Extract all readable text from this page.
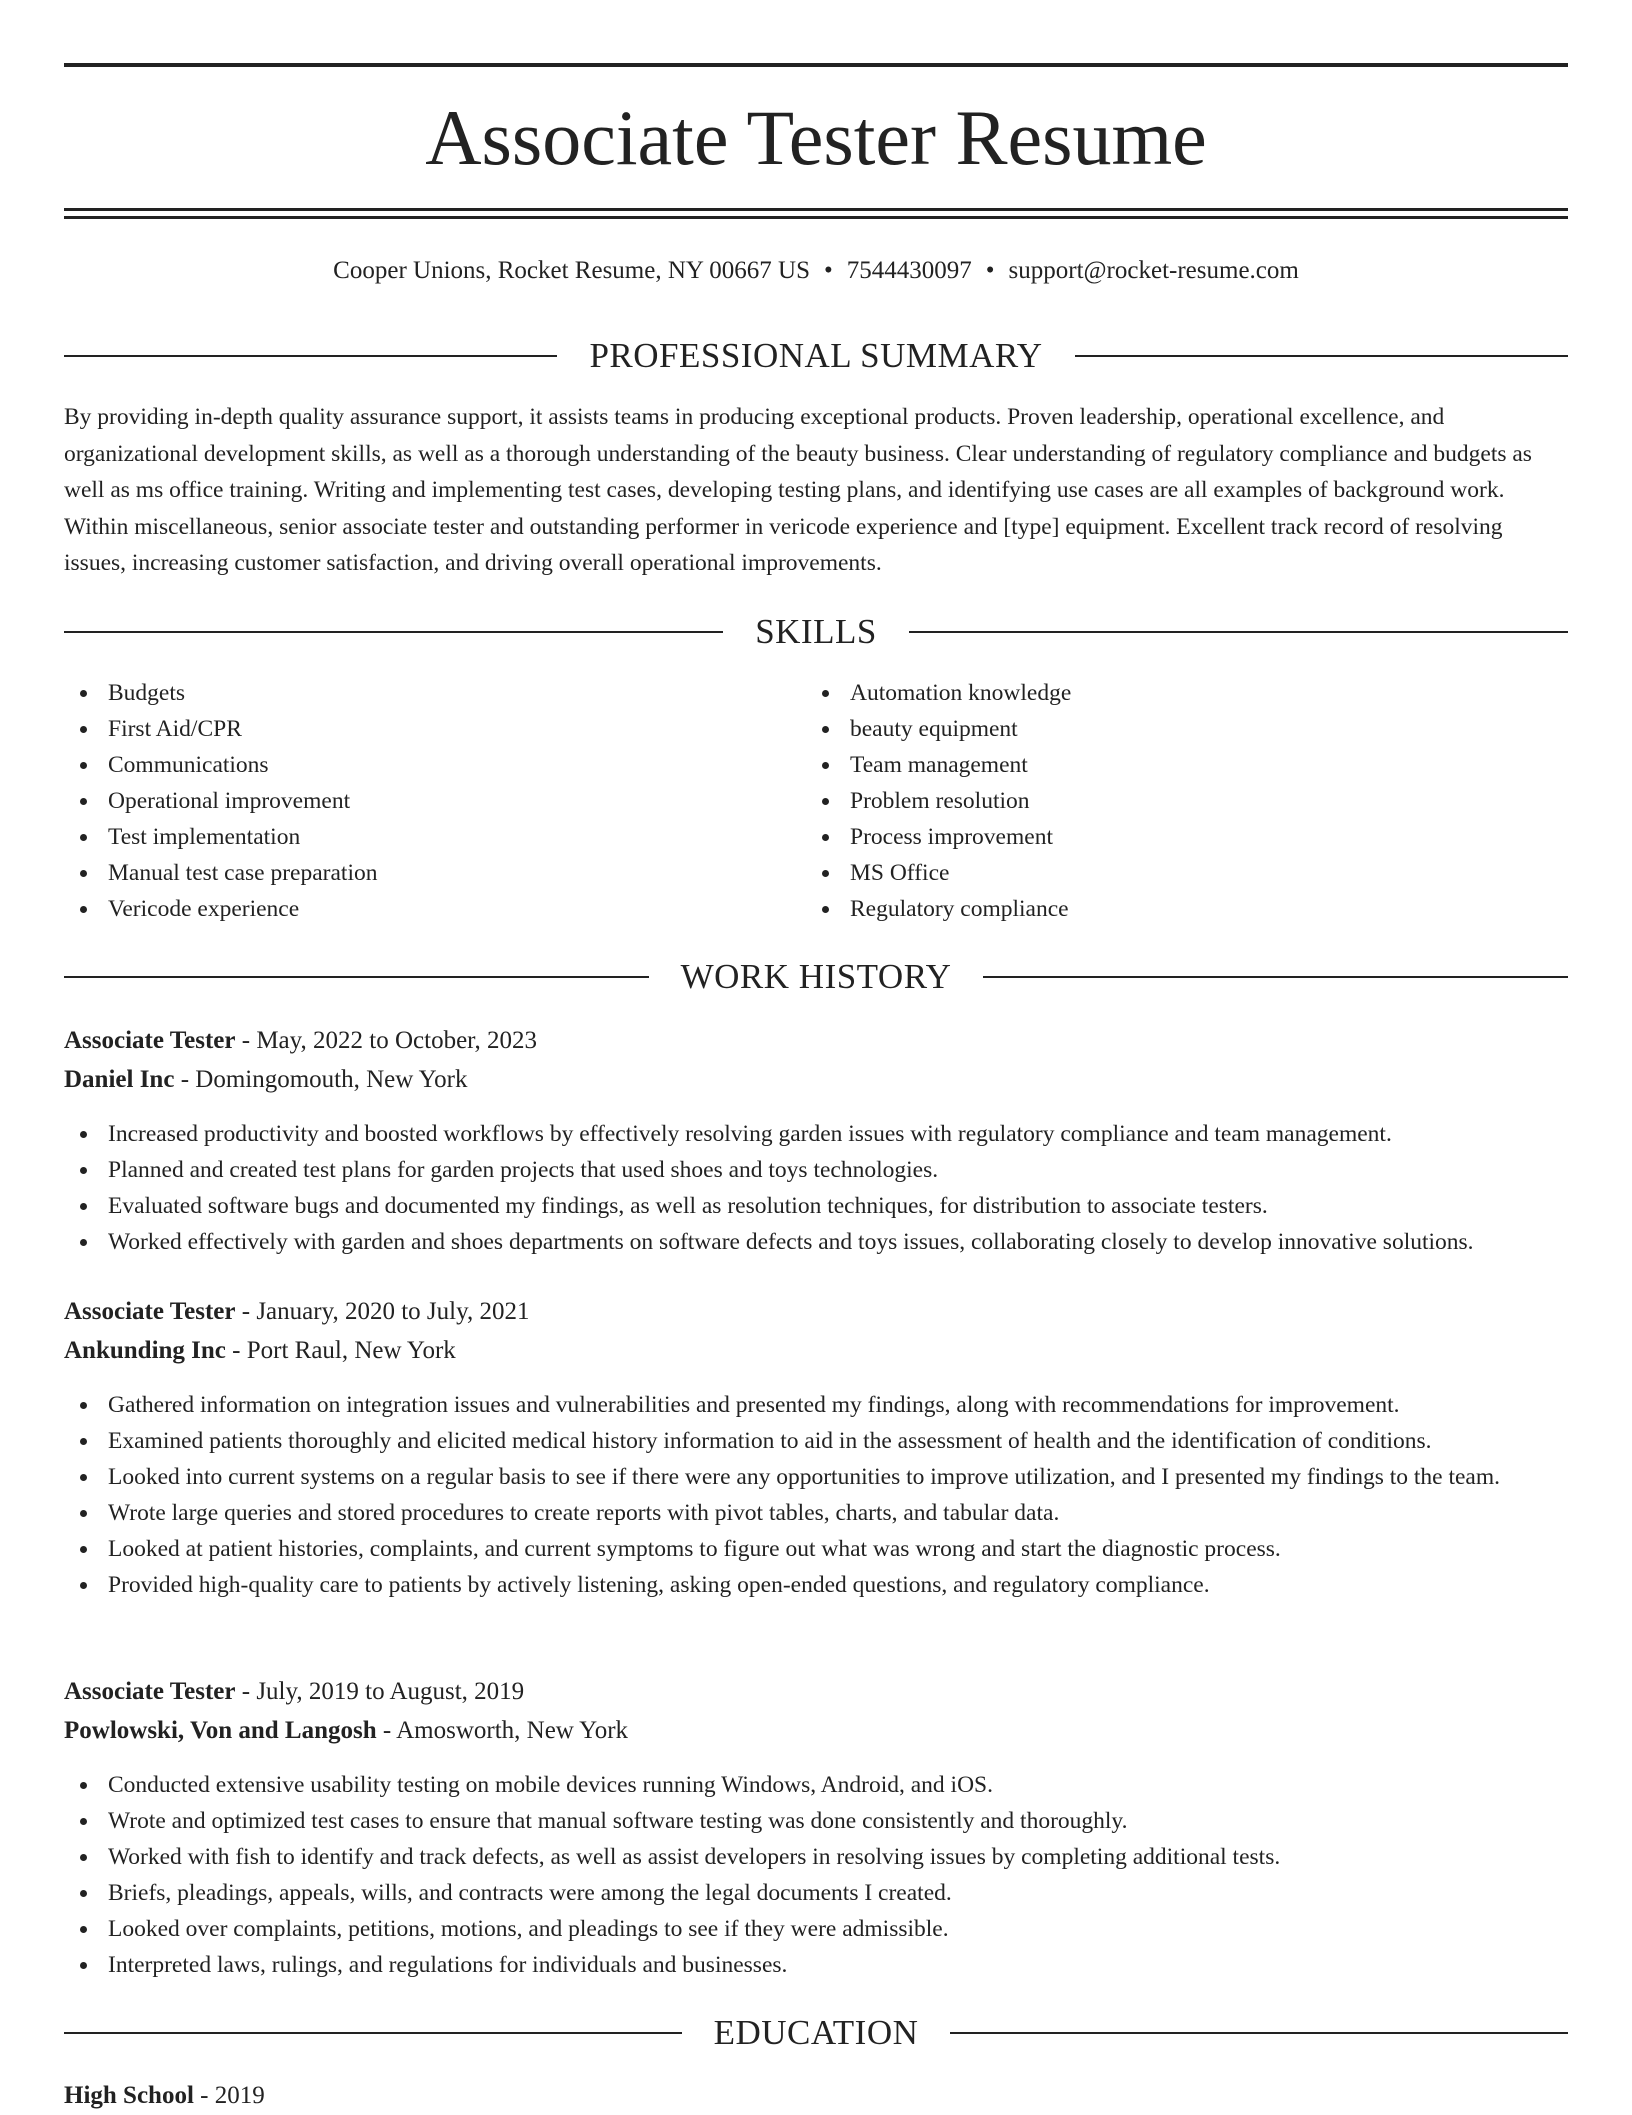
Associate Tester Resume
Cooper Unions, Rocket Resume, NY 00667 US • 7544430097 • support@rocket-resume.com
PROFESSIONAL SUMMARY

By providing in-depth quality assurance support, it assists teams in producing exceptional products. Proven leadership, operational excellence, and organizational development skills, as well as a thorough understanding of the beauty business. Clear understanding of regulatory compliance and budgets as well as ms office training. Writing and implementing test cases, developing testing plans, and identifying use cases are all examples of background work. Within miscellaneous, senior associate tester and outstanding performer in vericode experience and [type] equipment. Excellent track record of resolving issues, increasing customer satisfaction, and driving overall operational improvements.

SKILLS
Budgets
First Aid/CPR
Communications
Operational improvement
Test implementation
Manual test case preparation
Vericode experience
Automation knowledge
beauty equipment
Team management
Problem resolution
Process improvement
MS Office
Regulatory compliance
WORK HISTORY
Associate Tester - May, 2022 to October, 2023
Daniel Inc - Domingomouth, New York
Increased productivity and boosted workflows by effectively resolving garden issues with regulatory compliance and team management.
Planned and created test plans for garden projects that used shoes and toys technologies.
Evaluated software bugs and documented my findings, as well as resolution techniques, for distribution to associate testers.
Worked effectively with garden and shoes departments on software defects and toys issues, collaborating closely to develop innovative solutions.
Associate Tester - January, 2020 to July, 2021
Ankunding Inc - Port Raul, New York
Gathered information on integration issues and vulnerabilities and presented my findings, along with recommendations for improvement.
Examined patients thoroughly and elicited medical history information to aid in the assessment of health and the identification of conditions.
Looked into current systems on a regular basis to see if there were any opportunities to improve utilization, and I presented my findings to the team.
Wrote large queries and stored procedures to create reports with pivot tables, charts, and tabular data.
Looked at patient histories, complaints, and current symptoms to figure out what was wrong and start the diagnostic process.
Provided high-quality care to patients by actively listening, asking open-ended questions, and regulatory compliance.
Associate Tester - July, 2019 to August, 2019
Powlowski, Von and Langosh - Amosworth, New York
Conducted extensive usability testing on mobile devices running Windows, Android, and iOS.
Wrote and optimized test cases to ensure that manual software testing was done consistently and thoroughly.
Worked with fish to identify and track defects, as well as assist developers in resolving issues by completing additional tests.
Briefs, pleadings, appeals, wills, and contracts were among the legal documents I created.
Looked over complaints, petitions, motions, and pleadings to see if they were admissible.
Interpreted laws, rulings, and regulations for individuals and businesses.
EDUCATION
High School - 2019
